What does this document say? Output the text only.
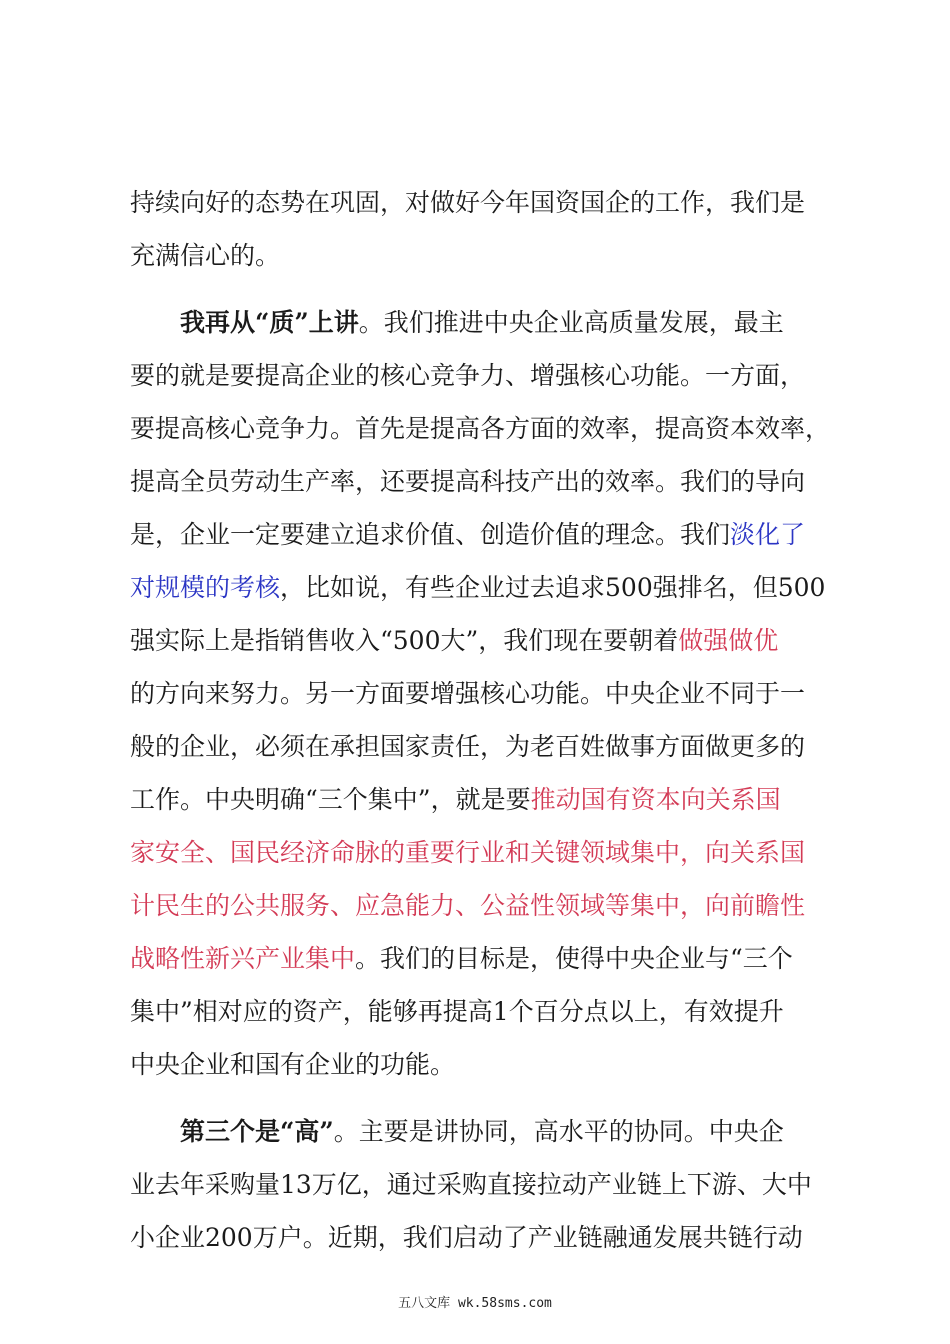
持续向好的态势在巩固，对做好今年国资国企的工作，我们是
充满信心的。
  我再从“质”上讲。我们推进中央企业高质量发展，最主
要的就是要提高企业的核心竞争力、增强核心功能。一方面，
要提高核心竞争力。首先是提高各方面的效率，提高资本效率，
提高全员劳动生产率，还要提高科技产出的效率。我们的导向
是，企业一定要建立追求价值、创造价值的理念。我们淡化了
对规模的考核，比如说，有些企业过去追求500强排名，但500
强实际上是指销售收入“500大”，我们现在要朝着做强做优
的方向来努力。另一方面要增强核心功能。中央企业不同于一
般的企业，必须在承担国家责任，为老百姓做事方面做更多的
工作。中央明确“三个集中”，就是要推动国有资本向关系国
家安全、国民经济命脉的重要行业和关键领域集中，向关系国
计民生的公共服务、应急能力、公益性领域等集中，向前瞻性
战略性新兴产业集中。我们的目标是，使得中央企业与“三个
集中”相对应的资产，能够再提高1个百分点以上，有效提升
中央企业和国有企业的功能。
  第三个是“高”。主要是讲协同，高水平的协同。中央企
业去年采购量13万亿，通过采购直接拉动产业链上下游、大中
小企业200万户。近期，我们启动了产业链融通发展共链行动
五八文库 wk.58sms.com
